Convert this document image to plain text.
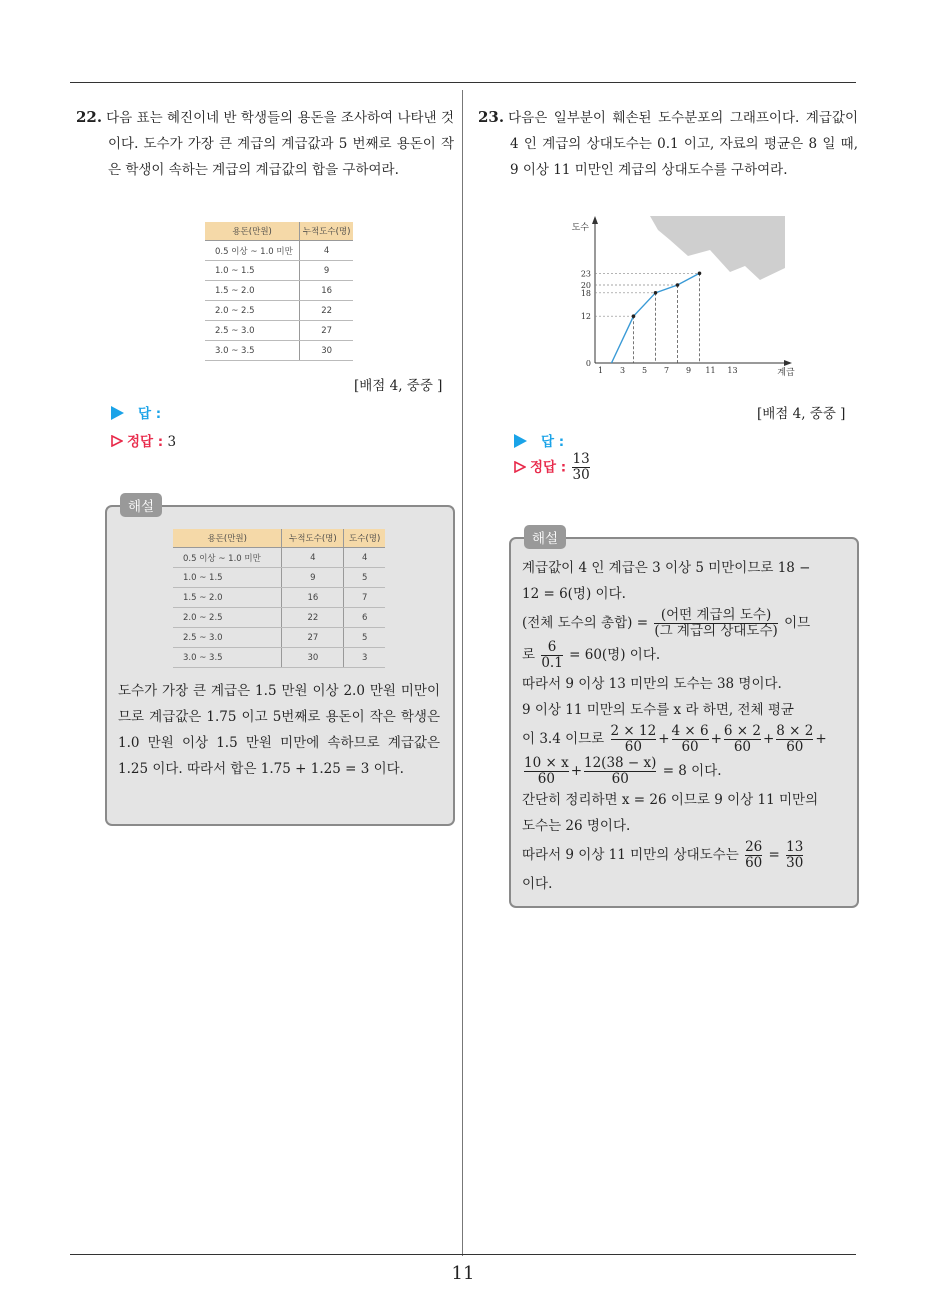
22. 다음 표는 혜진이네 반 학생들의 용돈을 조사하여 나타낸 것이다. 도수가 가장 큰 계급의 계급값과 5 번째로 용돈이 작은 학생이 속하는 계급의 계급값의 합을 구하여라.
용돈(만원)	누적도수(명)
0.5 이상 ~ 1.0 미만	4
1.0 ~ 1.5	9
1.5 ~ 2.0	16
2.0 ~ 2.5	22
2.5 ~ 3.0	27
3.0 ~ 3.5	30
[배점 4, 중중 ]
답 :
정답 : 3
해설
용돈(만원)	누적도수(명)	도수(명)
0.5 이상 ~ 1.0 미만	4	4
1.0 ~ 1.5	9	5
1.5 ~ 2.0	16	7
2.0 ~ 2.5	22	6
2.5 ~ 3.0	27	5
3.0 ~ 3.5	30	3
도수가 가장 큰 계급은 1.5 만원 이상 2.0 만원 미만이므로 계급값은 1.75 이고 5번째로 용돈이 작은 학생은 1.0 만원 이상 1.5 만원 미만에 속하므로 계급값은 1.25 이다. 따라서 합은 1.75 + 1.25 = 3 이다.
23. 다음은 일부분이 훼손된 도수분포의 그래프이다. 계급값이 4 인 계급의 상대도수는 0.1 이고, 자료의 평균은 8 일 때, 9 이상 11 미만인 계급의 상대도수를 구하여라.
1 3 5 7 9 11 13
0
12
18
20
23
도수
계급
[배점 4, 중중 ]
답 :
정답 : $\frac{13}{30}$
해설
계급값이 4 인 계급은 3 이상 5 미만이므로 18 −
12 = 6(명) 이다.
(전체 도수의 총합) = $\frac{\text{(어떤 계급의 도수)}}{\text{(그 계급의 상대도수)}}$ 이므
로 $\frac{6}{0.1} = 60$(명) 이다.
따라서 9 이상 13 미만의 도수는 38 명이다.
9 이상 11 미만의 도수를 x 라 하면, 전체 평균
이 3.4 이므로 $\frac{2 \times 12}{60} + \frac{4 \times 6}{60} + \frac{6 \times 2}{60} + \frac{8 \times 2}{60}$ +
$\frac{10 \times x}{60} + \frac{12(38 - x)}{60} = 8$ 이다.
간단히 정리하면 x = 26 이므로 9 이상 11 미만의
도수는 26 명이다.
따라서 9 이상 11 미만의 상대도수는 $\frac{26}{60} = \frac{13}{30}$
이다.
11
